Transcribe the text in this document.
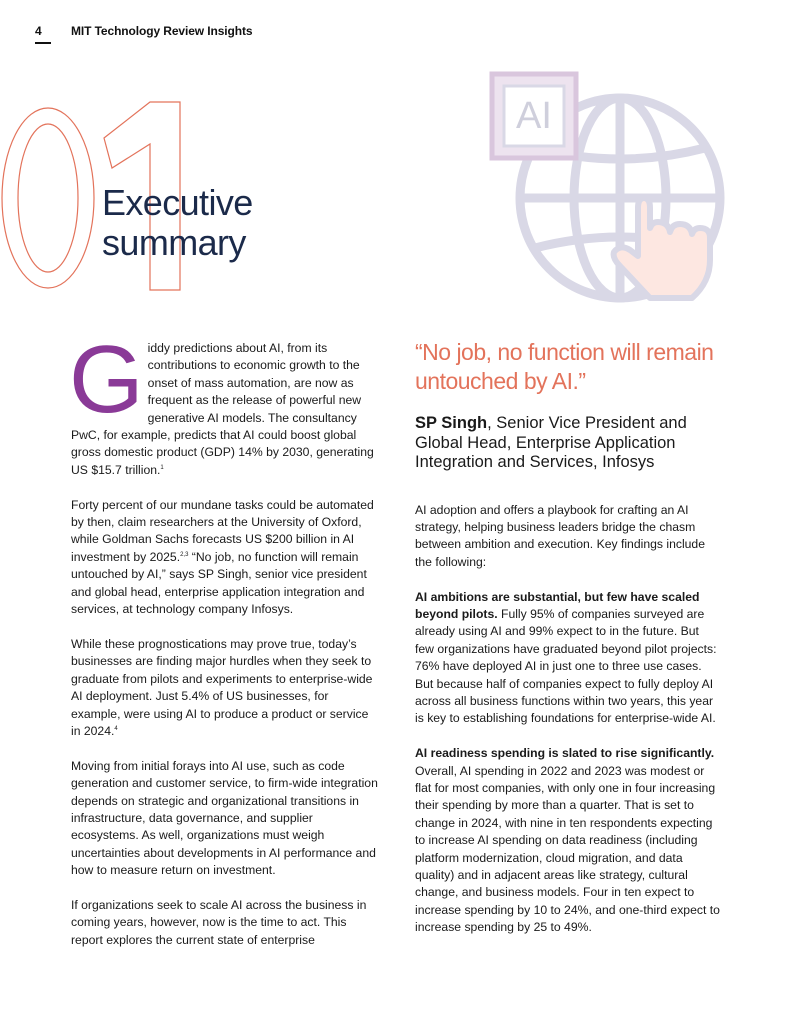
4 MIT Technology Review Insights
Executive
summary
AI

Giddy predictions about AI, from its contributions to economic growth to the onset of mass automation, are now as frequent as the release of powerful new generative AI models. The consultancy PwC, for example, predicts that AI could boost global gross domestic product (GDP) 14% by 2030, generating US $15.7 trillion.$^1$

Forty percent of our mundane tasks could be automated by then, claim researchers at the University of Oxford, while Goldman Sachs forecasts US $200 billion in AI investment by 2025.$^{2,3}$ “No job, no function will remain untouched by AI,” says SP Singh, senior vice president and global head, enterprise application integration and services, at technology company Infosys.

While these prognostications may prove true, today’s businesses are finding major hurdles when they seek to graduate from pilots and experiments to enterprise-wide AI deployment. Just 5.4% of US businesses, for example, were using AI to produce a product or service in 2024.$^4$

Moving from initial forays into AI use, such as code generation and customer service, to firm-wide integration depends on strategic and organizational transitions in infrastructure, data governance, and supplier ecosystems. As well, organizations must weigh uncertainties about developments in AI performance and how to measure return on investment.

If organizations seek to scale AI across the business in coming years, however, now is the time to act. This report explores the current state of enterprise

“No job, no function will remain untouched by AI.”
SP Singh, Senior Vice President and Global Head, Enterprise Application Integration and Services, Infosys

AI adoption and offers a playbook for crafting an AI strategy, helping business leaders bridge the chasm between ambition and execution. Key findings include the following:

AI ambitions are substantial, but few have scaled beyond pilots. Fully 95% of companies surveyed are already using AI and 99% expect to in the future. But few organizations have graduated beyond pilot projects: 76% have deployed AI in just one to three use cases. But because half of companies expect to fully deploy AI across all business functions within two years, this year is key to establishing foundations for enterprise-wide AI.

AI readiness spending is slated to rise significantly. Overall, AI spending in 2022 and 2023 was modest or flat for most companies, with only one in four increasing their spending by more than a quarter. That is set to change in 2024, with nine in ten respondents expecting to increase AI spending on data readiness (including platform modernization, cloud migration, and data quality) and in adjacent areas like strategy, cultural change, and business models. Four in ten expect to increase spending by 10 to 24%, and one-third expect to increase spending by 25 to 49%.
